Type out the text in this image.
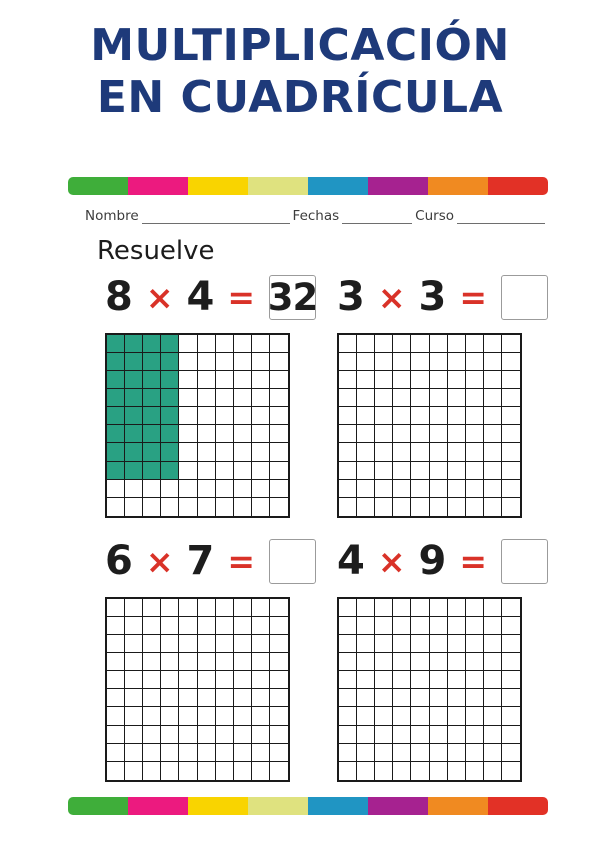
MULTIPLICACIÓN
EN CUADRÍCULA
Nombre	Fechas	Curso
Resuelve
8 × 4 = 32 3 × 3 =
6 × 7 = 4 × 9 =
